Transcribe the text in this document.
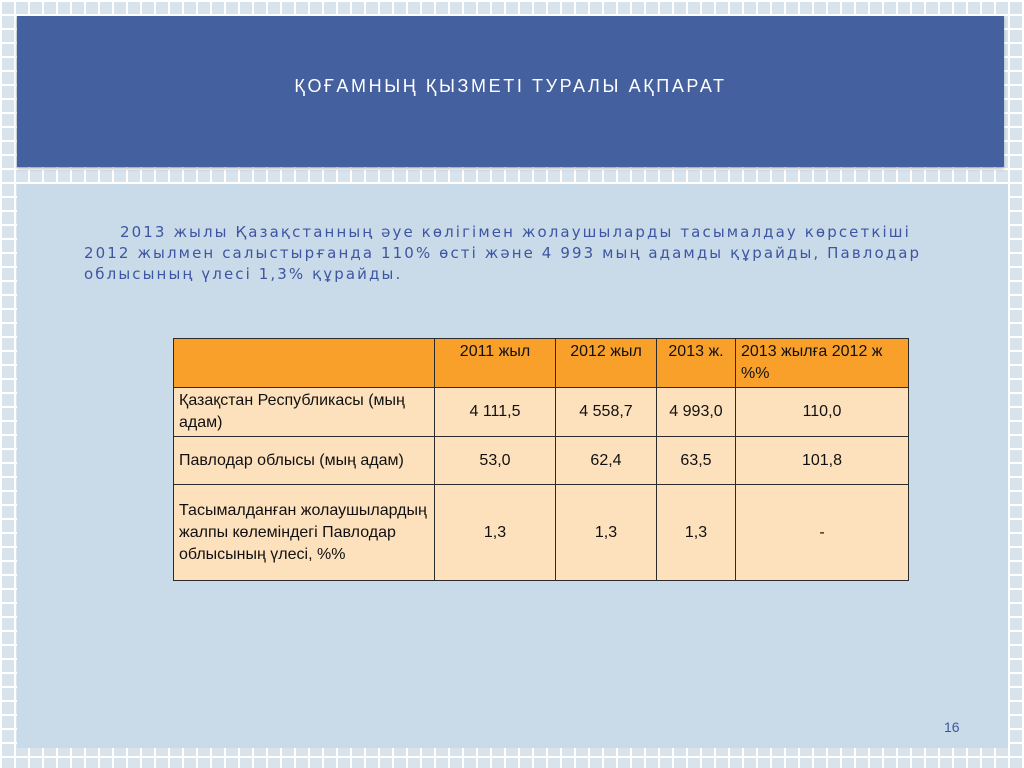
ҚОҒАМНЫҢ ҚЫЗМЕТІ ТУРАЛЫ АҚПАРАТ
2013 жылы Қазақстанның әуе көлігімен жолаушыларды тасымалдау көрсеткіші 2012 жылмен салыстырғанда 110% өсті және 4 993 мың адамды құрайды, Павлодар облысының үлесі 1,3% құрайды.
	2011 жыл	2012 жыл	2013 ж.	2013 жылға 2012 ж %%
Қазақстан Республикасы (мың адам)	4 111,5	4 558,7	4 993,0	110,0
Павлодар облысы (мың адам)	53,0	62,4	63,5	101,8
Тасымалданған жолаушылардың жалпы көлеміндегі Павлодар облысының үлесі, %%	1,3	1,3	1,3	-
16
